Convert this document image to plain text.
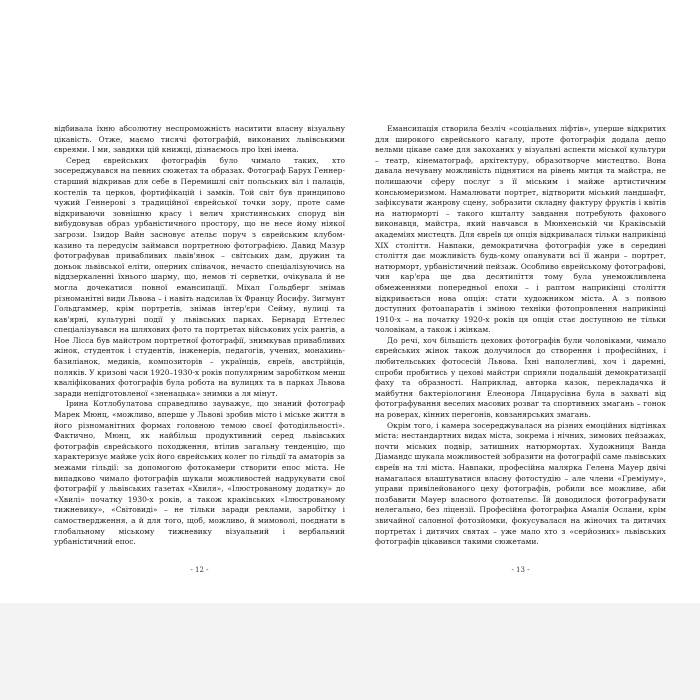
відбивала їхню абсолютну неспроможність наситити власну візуальну цікавість. Отже, маємо тисячі фотографій, виконаних львівськими євреями. І ми, завдяки цій книжці, дізнаємось про їхні імена.

Серед єврейських фотографів було чимало таких, хто зосереджувався на певних сюжетах та образах. Фотограф Барух Геннер-старший відкривав для себе в Перемишлі світ польських віл і палаців, костелів та церков, фортифікацій і замків. Той світ був принципово чужий Геннерові з традиційної єврейської точки зору, проте саме відкриваючи зовнішню красу і велич християнських споруд він вибудовував образ урбаністичного простору, що не несе йому ніякої загрози. Ізидор Вайн засновує ательє поруч з єврейським клубом-казино та передусім займався портретною фотографією. Давид Мазур фотографував привабливих львів'янок – світських дам, дружин та доньок львівської еліти, оперних співачок, нечасто спеціалізуючись на віддзеркаленні їхнього шарму, що, немов ті серветки, очікувала й не могла дочекатися повної емансипації. Міхал Гольдберг знімав різноманітні види Львова – і навіть надсилав їх Францу Йосифу. Зигмунт Гольдгаммер, крім портретів, знімав інтер'єри Сейму, вулиці та кав'ярні, культурні події у львівських парках. Бернард Еттелес спеціалізувався на шляхових фото та портретах військових усіх рангів, а Ное Лісса був майстром портретної фотографії, знимкував привабливих жінок, студенток і студентів, інженерів, педагогів, учених, монахинь-базиліанок, медиків, композиторів – українців, євреїв, австрійців, поляків. У кризові часи 1920–1930-х років популярним заробітком менш кваліфікованих фотографів була робота на вулицях та в парках Львова заради непідготовленої «зненацька» знимки а ля мінут.

Ірина Котлобулатова справедливо зауважує, що знаний фотограф Марек Мюнц, «можливо, вперше у Львові зробив місто і міське життя в його різноманітних формах головною темою своєї фотодіяльності». Фактично, Мюнц, як найбільш продуктивний серед львівських фотографів єврейського походження, втілив загальну тенденцію, що характеризує майже усіх його єврейських колег по гільдії та аматорів за межами гільдії: за допомогою фотокамери створити епос міста. Не випадково чимало фотографів шукали можливостей надрукувати свої фотографії у львівських газетах «Хвиля», «Ілюстрованому додатку» до «Хвилі» початку 1930-х років, а також краківських «Ілюстрованому тижневику», «Світовиді» – не тільки заради реклами, заробітку і самоствердження, а й для того, щоб, можливо, й мимоволі, поєднати в глобальному міському тижневику візуальний і вербальний урбаністичний епос.

Емансипація створила безліч «соціальних ліфтів», уперше відкритих для широкого єврейського кагалу, проте фотографія додала дещо вельми цікаве саме для закоханих у візуальні аспекти міської культури – театр, кінематограф, архітектуру, образотворче мистецтво. Вона давала нечувану можливість піднятися на рівень митця та майстра, не полишаючи сферу послуг з її міським і майже артистичним консьюмеризмом. Намалювати портрет, відтворити міський ландшафт, зафіксувати жанрову сцену, зобразити складну фактуру фруктів і квітів на натюрморті – такого кшталту завдання потребують фахового виконавця, майстра, який навчався в Мюнхенській чи Краківській академіях мистецтв. Для євреїв ця опція відкривалася тільки наприкінці ХІХ століття. Навпаки, демократична фотографія уже в середині століття дає можливість будь-кому опанувати всі її жанри – портрет, натюрморт, урбаністичний пейзаж. Особливо єврейському фотографові, чия кар'єра ще два десятиліття тому була унеможливлена обмеженнями попередньої епохи – і раптом наприкінці століття відкривається нова опція: стати художником міста. А з появою доступних фотоапаратів і зміною техніки фотопровлення наприкінці 1910-х – на початку 1920-х років ця опція стає доступною не тільки чоловікам, а також і жінкам.

До речі, хоч більшість цехових фотографів були чоловіками, чимало єврейських жінок також долучилося до створення і професійних, і любительських фотосесій Львова. Їхні наполегливі, хоч і даремні, спроби пробитись у цехові майстри сприяли подальшій демократизації фаху та образності. Наприклад, авторка казок, перекладачка й майбутня бактеріологиня Елеонора Ляцарусівна була в захваті від фотографування веселих масових розваг та спортивних змагань – гонок на роверах, кінних перегонів, ковзанярських змагань.

Окрім того, і камера зосереджувалася на різних емоційних відтінках міста: нестандартних видах міста, зокрема і нічних, зимових пейзажах, почти міських подвір, затишних натюрмортах. Художниця Ванда Діамандс шукала можливостей зобразити на фотографії саме львівських євреїв на тлі міста. Навпаки, професійна малярка Гелена Мауер двічі намагалася влаштуватися власну фотостудію – але члени «Греміуму», управи привілейованого цеху фотографів, робили все можливе, аби позбавити Мауер власного фотоательє. Їй доводилося фотографувати нелегально, без ліцензії. Професійна фотографка Амалія Ослани, крім звичайної салонної фотозйомки, фокусувалася на жіночих та дитячих портретах і дитячих святах – уже мало хто з «серйозних» львівських фотографів цікавився такими сюжетами.

- 12 -	- 13 -
